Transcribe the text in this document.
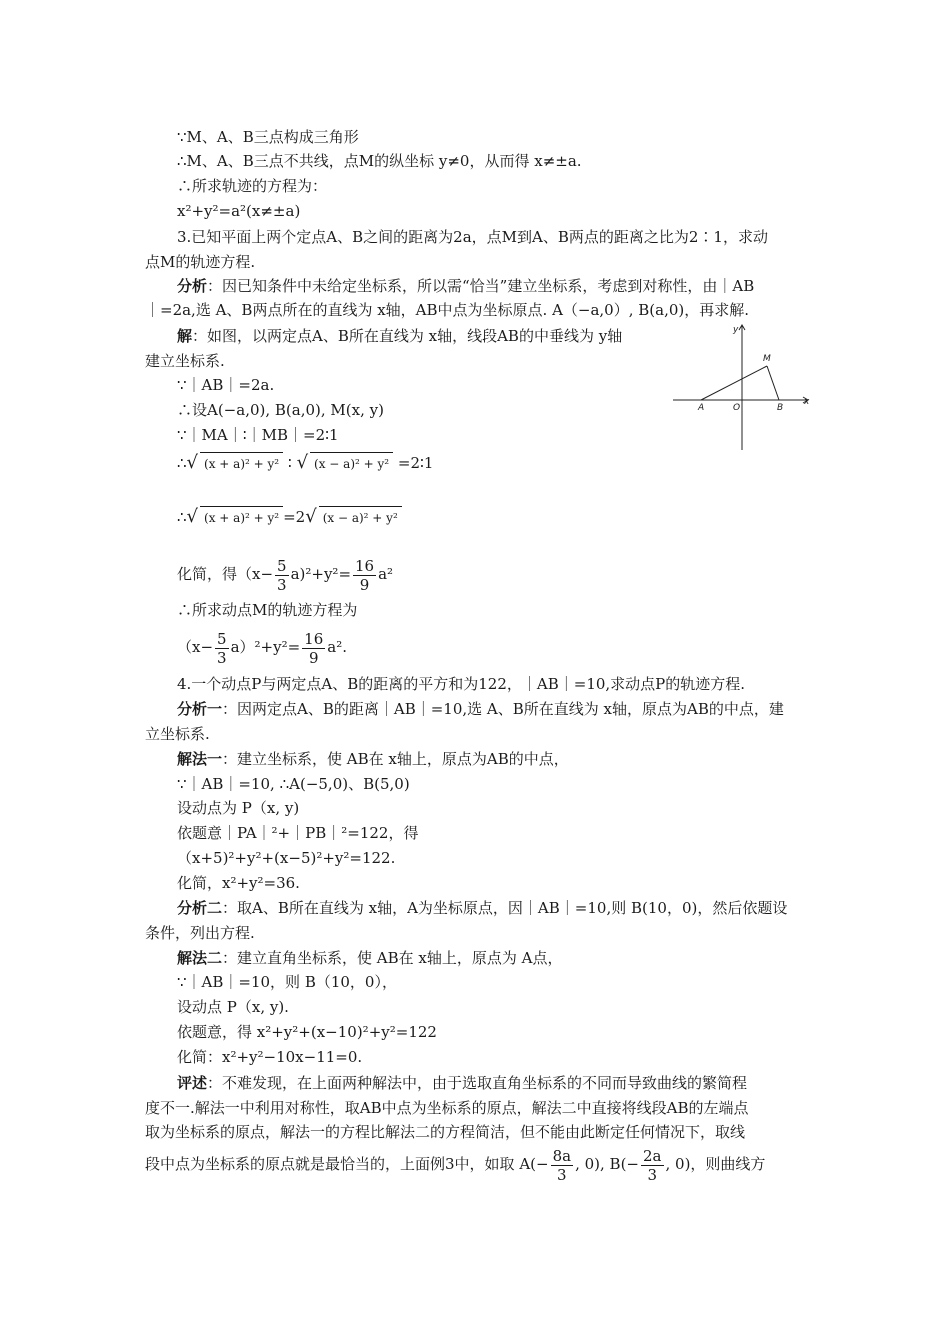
∵M、A、B三点构成三角形
∴M、A、B三点不共线，点M的纵坐标 y≠0，从而得 x≠±a.
∴所求轨迹的方程为：
x²+y²=a²(x≠±a)
3.已知平面上两个定点A、B之间的距离为2a，点M到A、B两点的距离之比为2∶1，求动
点M的轨迹方程.
分析：因已知条件中未给定坐标系，所以需“恰当”建立坐标系，考虑到对称性，由｜AB
｜=2a,选 A、B两点所在的直线为 x轴，AB中点为坐标原点. A（−a,0）, B(a,0)，再求解.
解：如图，以两定点A、B所在直线为 x轴，线段AB的中垂线为 y轴
建立坐标系.
∵｜AB｜=2a.
∴设A(−a,0), B(a,0), M(x, y)
∵｜MA｜∶｜MB｜=2∶1
∴√ (x + a)² + y² ∶ √ (x − a)² + y² =2∶1
∴√ (x + a)² + y² =2√ (x − a)² + y²
化简，得$(x- \frac{5}{3} a)^2+y^2= \frac{16}{9} a^2$
∴所求动点M的轨迹方程为
$(x- \frac{5}{3} a)^2+y^2= \frac{16}{9} a^2$.
4.一个动点P与两定点A、B的距离的平方和为122，｜AB｜=10,求动点P的轨迹方程.
分析一：因两定点A、B的距离｜AB｜=10,选 A、B所在直线为 x轴，原点为AB的中点，建
立坐标系.
解法一：建立坐标系，使 AB在 x轴上，原点为AB的中点，
∵｜AB｜=10, ∴A(−5,0)、B(5,0)
设动点为 P（x, y)
依题意｜PA｜²+｜PB｜²=122，得
（x+5)²+y²+(x−5)²+y²=122.
化简，x²+y²=36.
分析二：取A、B所在直线为 x轴，A为坐标原点，因｜AB｜=10,则 B(10，0)，然后依题设
条件，列出方程.
解法二：建立直角坐标系，使 AB在 x轴上，原点为 A点，
∵｜AB｜=10，则 B（10，0），
设动点 P（x, y).
依题意，得 x²+y²+(x−10)²+y²=122
化简：x²+y²−10x−11=0.
评述：不难发现，在上面两种解法中，由于选取直角坐标系的不同而导致曲线的繁简程
度不一.解法一中利用对称性，取AB中点为坐标系的原点，解法二中直接将线段AB的左端点
取为坐标系的原点，解法一的方程比解法二的方程简洁，但不能由此断定任何情况下，取线
段中点为坐标系的原点就是最恰当的，上面例3中，如取 $A(- \frac{8a}{3}$ , 0), $B(- \frac{2a}{3}$ , 0)，则曲线方
y
M
A	O	B
x
